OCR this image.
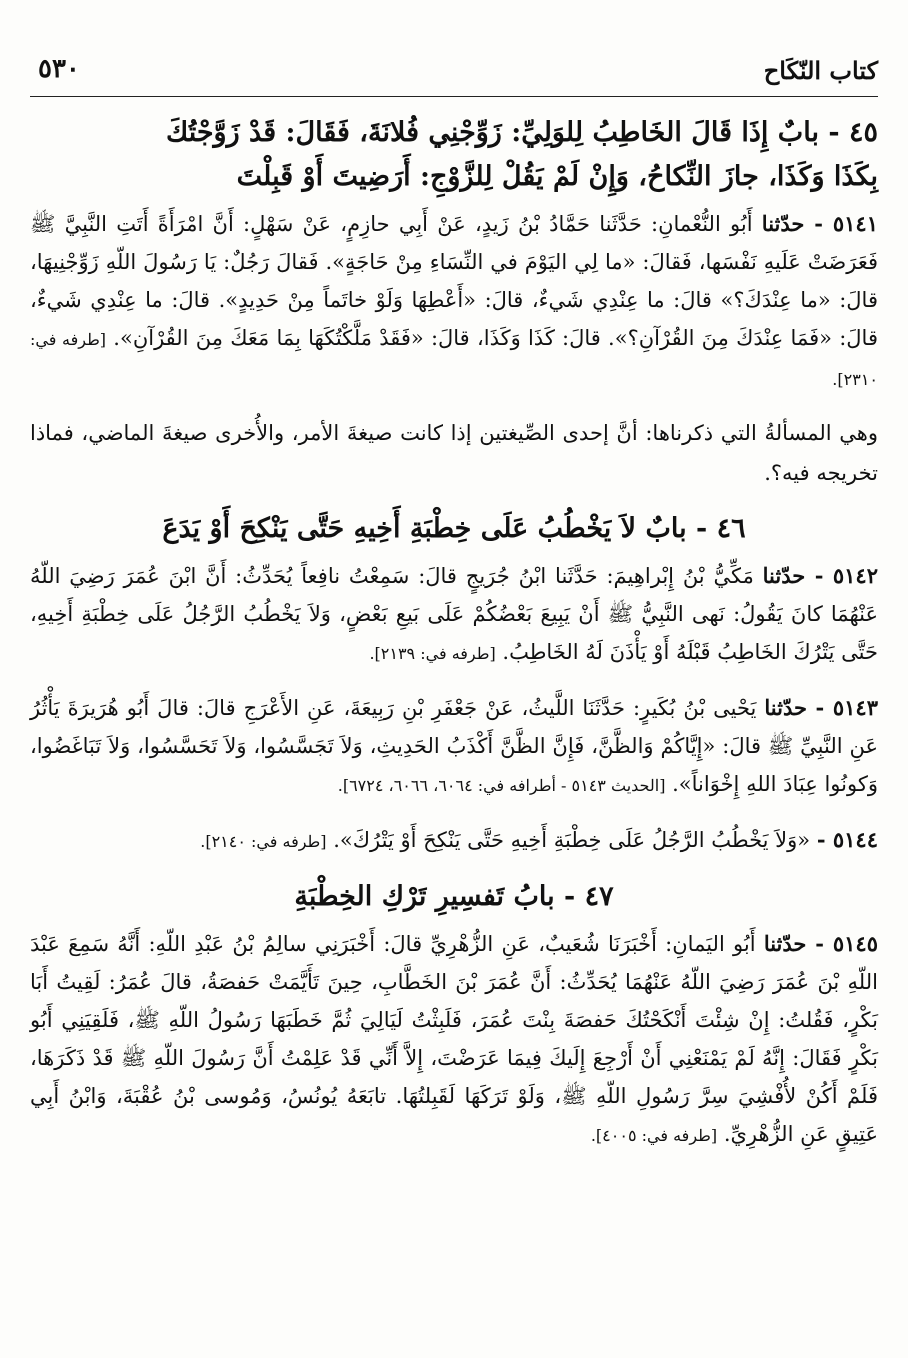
كتاب النّكَاح
٥٣٠
٤٥ - بابٌ إِذَا قَالَ الخَاطِبُ لِلوَلِيِّ: زَوِّجْنِي فُلانَةَ، فَقَالَ: قَدْ زَوَّجْتُكَ
بِكَذَا وَكَذَا، جازَ النِّكاحُ، وَإِنْ لَمْ يَقُلْ لِلزَّوْجِ: أَرَضِيتَ أَوْ قَبِلْتَ

٥١٤١ - حدّثنا أَبُو النُّعْمانِ: حَدَّثَنا حَمَّادُ بْنُ زَيدٍ، عَنْ أَبِي حازِمٍ، عَنْ سَهْلٍ: أَنَّ امْرَأَةً أَتَتِ النَّبِيَّ ﷺ فَعَرَضَتْ عَلَيهِ نَفْسَها، فَقالَ: «ما لِي اليَوْمَ في النِّسَاءِ مِنْ حَاجَةٍ». فَقالَ رَجُلٌ: يَا رَسُولَ اللّهِ زَوِّجْنِيهَا، قالَ: «ما عِنْدَكَ؟» قالَ: ما عِنْدِي شَيءٌ، قالَ: «أَعْطِهَا وَلَوْ خاتَماً مِنْ حَدِيدٍ». قالَ: ما عِنْدِي شَيءٌ، قالَ: «فَمَا عِنْدَكَ مِنَ القُرْآنِ؟». قالَ: كَذَا وَكَذَا، قالَ: «فَقَدْ مَلَّكْتُكَهَا بِمَا مَعَكَ مِنَ القُرْآنِ». [طرفه في: ٢٣١٠].

وهي المسألةُ التي ذكرناها: أنَّ إحدى الصِّيغتين إذا كانت صيغةَ الأمر، والأُخرى صيغةَ الماضي، فماذا تخريجه فيه؟.

٤٦ - بابٌ لاَ يَخْطُبُ عَلَى خِطْبَةِ أَخِيهِ حَتَّى يَنْكِحَ أَوْ يَدَعَ

٥١٤٢ - حدّثنا مَكِّيُّ بْنُ إِبْراهِيمَ: حَدَّثَنا ابْنُ جُرَيجٍ قالَ: سَمِعْتُ نافِعاً يُحَدِّثُ: أَنَّ ابْنَ عُمَرَ رَضِيَ اللّهُ عَنْهُمَا كانَ يَقُولُ: نَهى النَّبِيُّ ﷺ أَنْ يَبِيعَ بَعْضُكُمْ عَلَى بَيعِ بَعْضٍ، وَلاَ يَخْطُبُ الرَّجُلُ عَلَى خِطْبَةِ أَخِيهِ، حَتَّى يَتْرُكَ الخَاطِبُ قَبْلَهُ أَوْ يَأْذَنَ لَهُ الخَاطِبُ. [طرفه في: ٢١٣٩].

٥١٤٣ - حدّثنا يَحْيى بْنُ بُكَيرٍ: حَدَّثَنَا اللَّيثُ، عَنْ جَعْفَرِ بْنِ رَبِيعَةَ، عَنِ الأَعْرَجِ قالَ: قالَ أَبُو هُرَيرَةَ يَأْثُرُ عَنِ النَّبِيِّ ﷺ قالَ: «إِيَّاكُمْ وَالظَّنَّ، فَإِنَّ الظَّنَّ أَكْذَبُ الحَدِيثِ، وَلاَ تَجَسَّسُوا، وَلاَ تَحَسَّسُوا، وَلاَ تَبَاغَضُوا، وَكونُوا عِبَادَ اللهِ إِخْوَاناً». [الحديث ٥١٤٣ - أطرافه في: ٦٠٦٤، ٦٠٦٦، ٦٧٢٤].

٥١٤٤ - «وَلاَ يَخْطُبُ الرَّجُلُ عَلَى خِطْبَةِ أَخِيهِ حَتَّى يَنْكِحَ أَوْ يَتْرُكَ». [طرفه في: ٢١٤٠].

٤٧ - بابُ تَفسِيرِ تَرْكِ الخِطْبَةِ

٥١٤٥ - حدّثنا أَبُو اليَمانِ: أَخْبَرَنَا شُعَيبٌ، عَنِ الزُّهْرِيِّ قالَ: أَخْبَرَنِي سالِمُ بْنُ عَبْدِ اللّهِ: أَنَّهُ سَمِعَ عَبْدَ اللّهِ بْنَ عُمَرَ رَضِيَ اللّهُ عَنْهُمَا يُحَدِّثُ: أَنَّ عُمَرَ بْنَ الخَطَّابِ، حِينَ تَأَيَّمَتْ حَفصَةُ، قالَ عُمَرُ: لَقِيتُ أَبَا بَكْرٍ، فَقُلتُ: إِنْ شِئْتَ أَنْكَحْتُكَ حَفصَةَ بِنْتَ عُمَرَ، فَلَبِثْتُ لَيَالِيَ ثُمَّ خَطَبَهَا رَسُولُ اللّهِ ﷺ، فَلَقِيَنِي أَبُو بَكْرٍ فَقَالَ: إِنَّهُ لَمْ يَمْنَعْنِي أَنْ أَرْجِعَ إِلَيكَ فِيمَا عَرَضْتَ، إِلاَّ أَنِّي قَدْ عَلِمْتُ أَنَّ رَسُولَ اللّهِ ﷺ قَدْ ذَكَرَهَا، فَلَمْ أَكُنْ لأُفْشِيَ سِرَّ رَسُولِ اللّهِ ﷺ، وَلَوْ تَرَكَهَا لَقَبِلتُهَا. تابَعَهُ يُونُسُ، وَمُوسى بْنُ عُقْبَةَ، وَابْنُ أَبِي عَتِيقٍ عَنِ الزُّهْرِيِّ. [طرفه في: ٤٠٠٥].
